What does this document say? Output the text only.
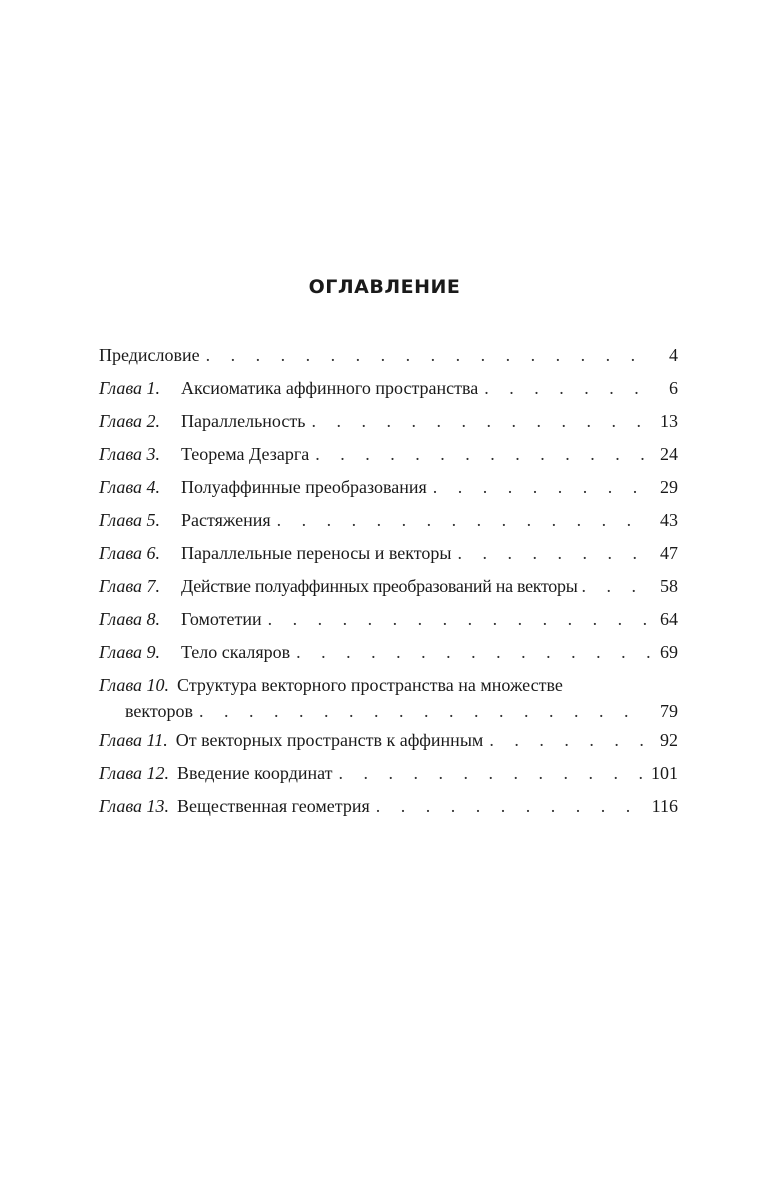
ОГЛАВЛЕНИЕ
Предисловие . . .	4
Глава 1.	Аксиоматика аффинного пространства . . .	6
Глава 2.	Параллельность . . .	13
Глава 3.	Теорема Дезарга . . .	24
Глава 4.	Полуаффинные преобразования . . .	29
Глава 5.	Растяжения . . .	43
Глава 6.	Параллельные переносы и векторы . . .	47
Глава 7.	Действие полуаффинных преобразований на векторы . . .	58
Глава 8.	Гомотетии . . .	64
Глава 9.	Тело скаляров . . .	69
Глава 10. Структура векторного пространства на множестве
векторов . . .	79
Глава 11. От векторных пространств к аффинным . . .	92
Глава 12. Введение координат . . .	101
Глава 13. Вещественная геометрия . . .	116
